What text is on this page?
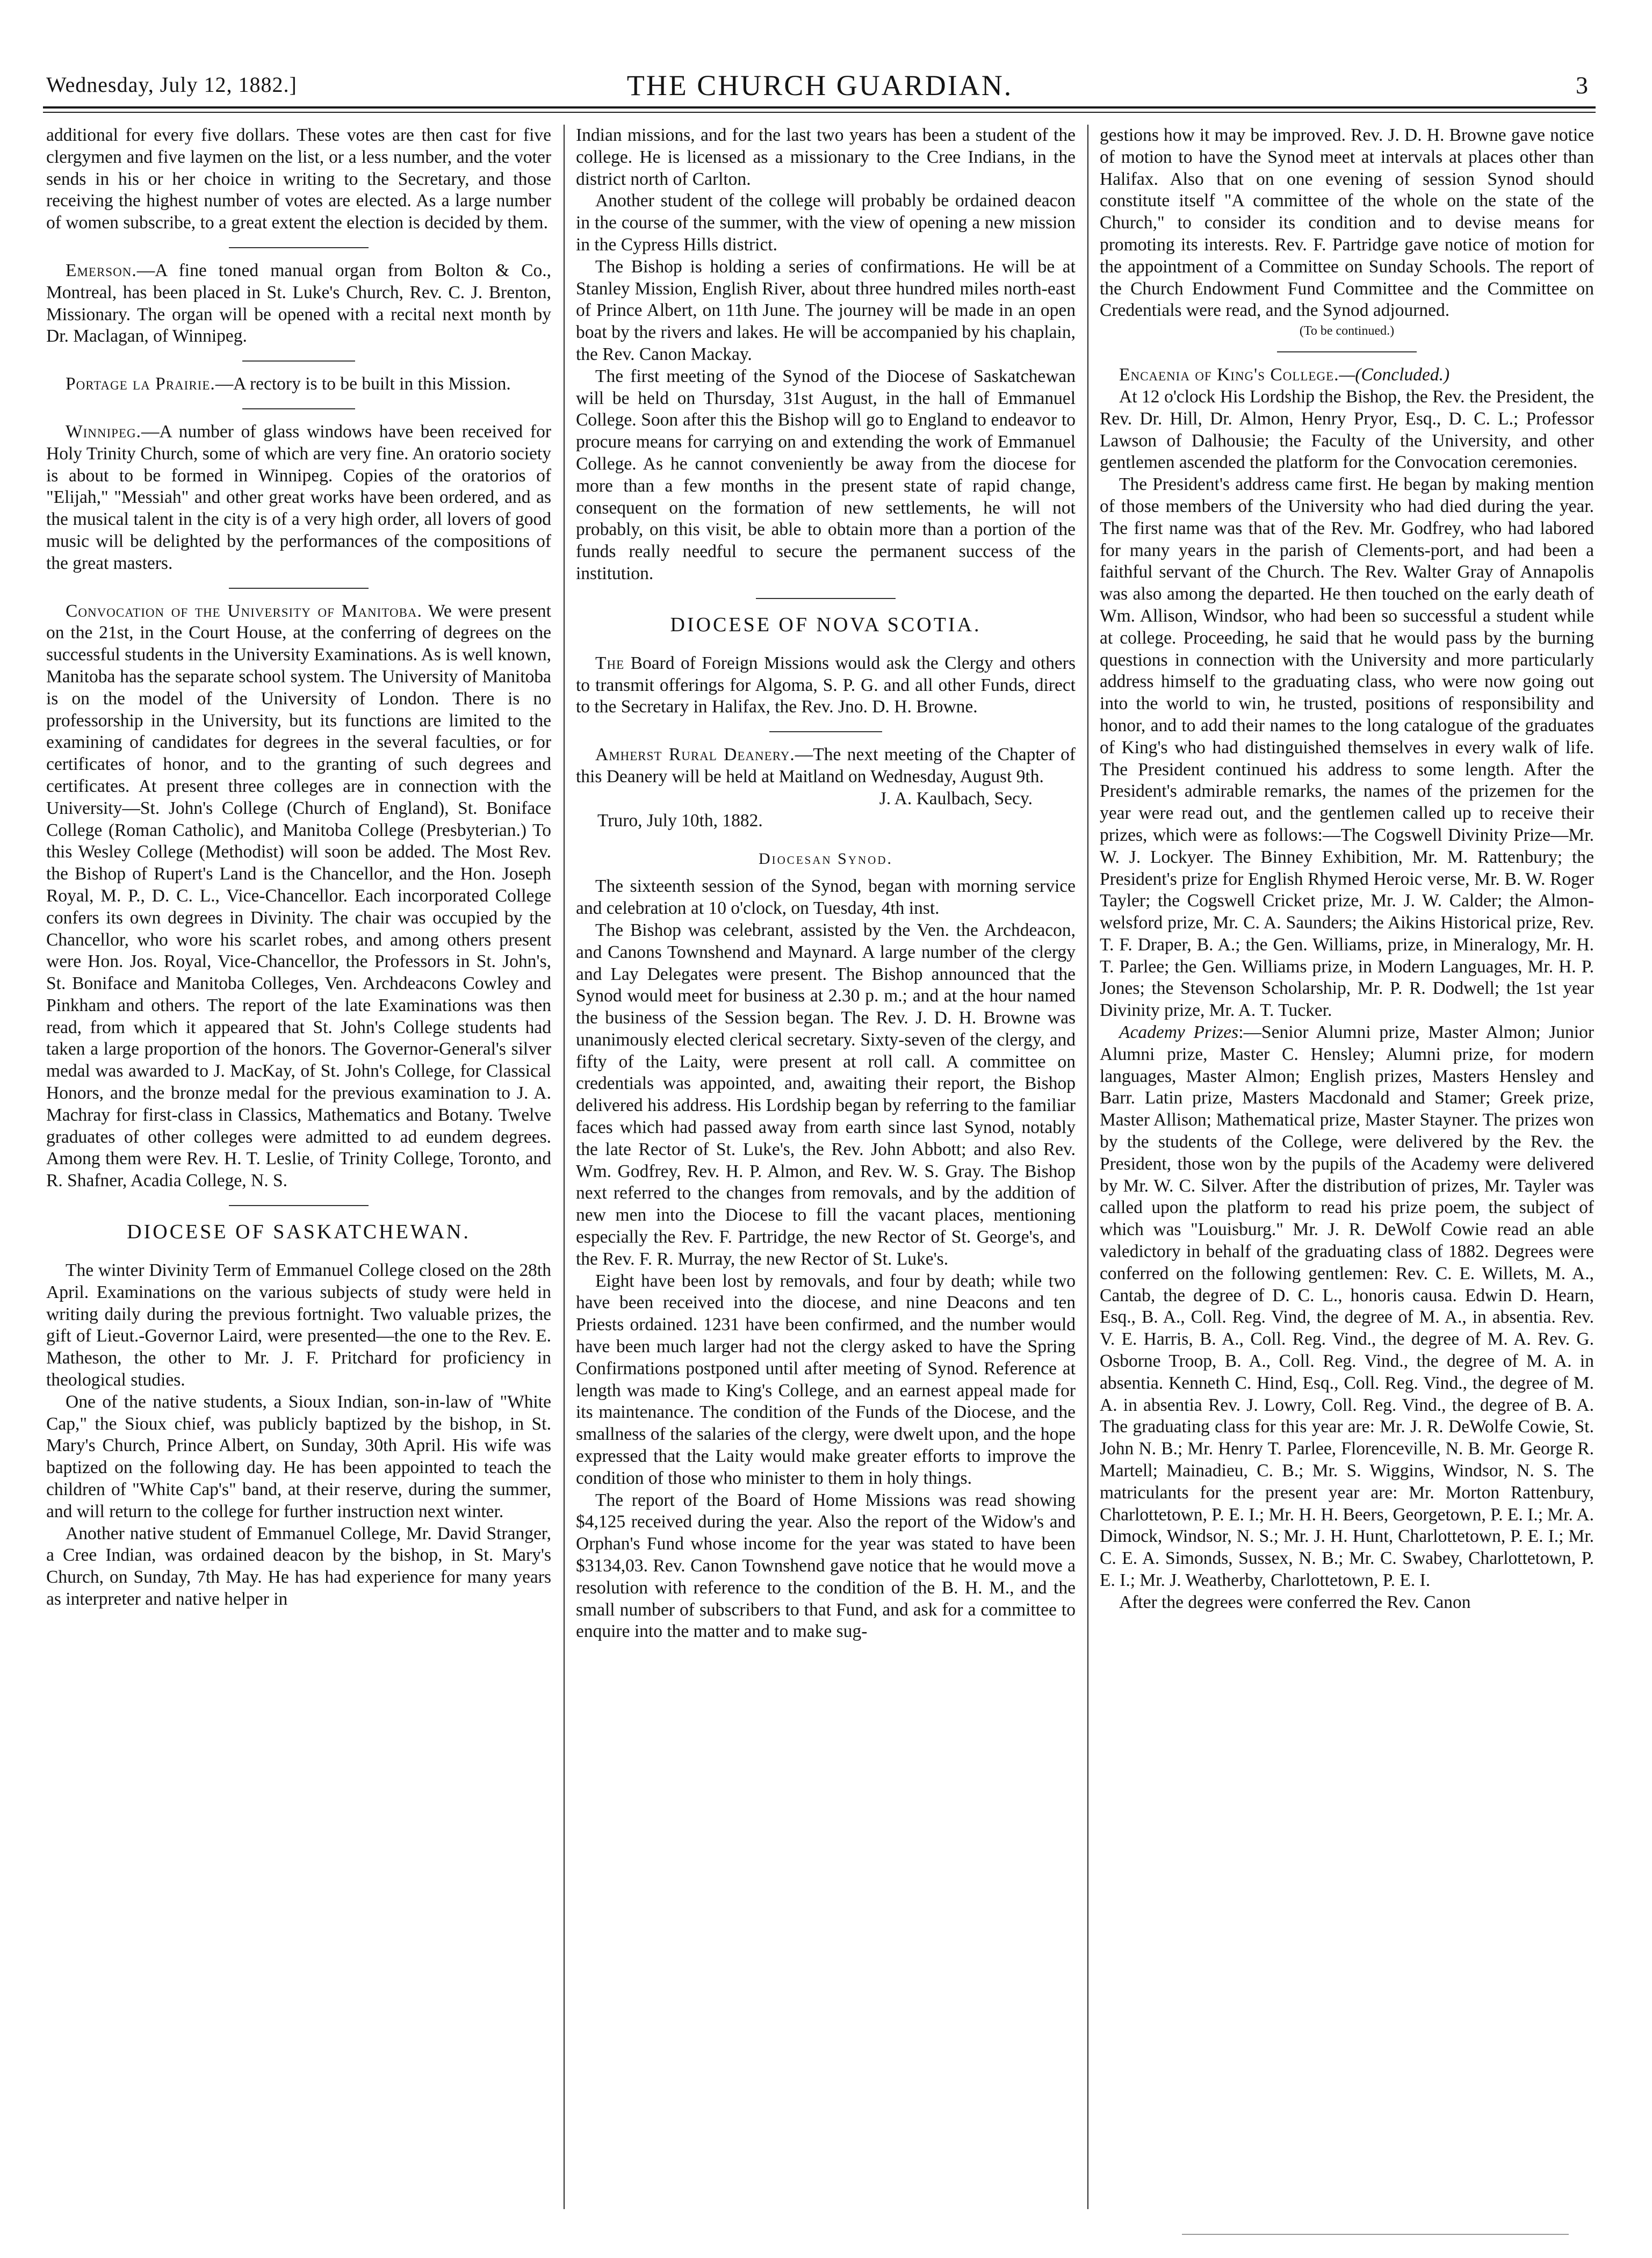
Wednesday, July 12, 1882.]	THE CHURCH GUARDIAN.	3

additional for every five dollars. These votes are then cast for five clergymen and five laymen on the list, or a less number, and the voter sends in his or her choice in writing to the Secretary, and those receiving the highest number of votes are elected. As a large number of women subscribe, to a great extent the election is decided by them.

Emerson.—A fine toned manual organ from Bolton & Co., Montreal, has been placed in St. Luke's Church, Rev. C. J. Brenton, Missionary. The organ will be opened with a recital next month by Dr. Maclagan, of Winnipeg.

Portage la Prairie.—A rectory is to be built in this Mission.

Winnipeg.—A number of glass windows have been received for Holy Trinity Church, some of which are very fine. An oratorio society is about to be formed in Winnipeg. Copies of the oratorios of "Elijah," "Messiah" and other great works have been ordered, and as the musical talent in the city is of a very high order, all lovers of good music will be delighted by the performances of the compositions of the great masters.

Convocation of the University of Manitoba. We were present on the 21st, in the Court House, at the conferring of degrees on the successful students in the University Examinations. As is well known, Manitoba has the separate school system. The University of Manitoba is on the model of the University of London. There is no professorship in the University, but its functions are limited to the examining of candidates for degrees in the several faculties, or for certificates of honor, and to the granting of such degrees and certificates. At present three colleges are in connection with the University—St. John's College (Church of England), St. Boniface College (Roman Catholic), and Manitoba College (Presbyterian.) To this Wesley College (Methodist) will soon be added. The Most Rev. the Bishop of Rupert's Land is the Chancellor, and the Hon. Joseph Royal, M. P., D. C. L., Vice-Chancellor. Each incorporated College confers its own degrees in Divinity. The chair was occupied by the Chancellor, who wore his scarlet robes, and among others present were Hon. Jos. Royal, Vice-Chancellor, the Professors in St. John's, St. Boniface and Manitoba Colleges, Ven. Archdeacons Cowley and Pinkham and others. The report of the late Examinations was then read, from which it appeared that St. John's College students had taken a large proportion of the honors. The Governor-General's silver medal was awarded to J. MacKay, of St. John's College, for Classical Honors, and the bronze medal for the previous examination to J. A. Machray for first-class in Classics, Mathematics and Botany. Twelve graduates of other colleges were admitted to ad eundem degrees. Among them were Rev. H. T. Leslie, of Trinity College, Toronto, and R. Shafner, Acadia College, N. S.

DIOCESE OF SASKATCHEWAN.

The winter Divinity Term of Emmanuel College closed on the 28th April. Examinations on the various subjects of study were held in writing daily during the previous fortnight. Two valuable prizes, the gift of Lieut.-Governor Laird, were presented—the one to the Rev. E. Matheson, the other to Mr. J. F. Pritchard for proficiency in theological studies.

One of the native students, a Sioux Indian, son-in-law of "White Cap," the Sioux chief, was publicly baptized by the bishop, in St. Mary's Church, Prince Albert, on Sunday, 30th April. His wife was baptized on the following day. He has been appointed to teach the children of "White Cap's" band, at their reserve, during the summer, and will return to the college for further instruction next winter.

Another native student of Emmanuel College, Mr. David Stranger, a Cree Indian, was ordained deacon by the bishop, in St. Mary's Church, on Sunday, 7th May. He has had experience for many years as interpreter and native helper in

Indian missions, and for the last two years has been a student of the college. He is licensed as a missionary to the Cree Indians, in the district north of Carlton.

Another student of the college will probably be ordained deacon in the course of the summer, with the view of opening a new mission in the Cypress Hills district.

The Bishop is holding a series of confirmations. He will be at Stanley Mission, English River, about three hundred miles north-east of Prince Albert, on 11th June. The journey will be made in an open boat by the rivers and lakes. He will be accompanied by his chaplain, the Rev. Canon Mackay.

The first meeting of the Synod of the Diocese of Saskatchewan will be held on Thursday, 31st August, in the hall of Emmanuel College. Soon after this the Bishop will go to England to endeavor to procure means for carrying on and extending the work of Emmanuel College. As he cannot conveniently be away from the diocese for more than a few months in the present state of rapid change, consequent on the formation of new settlements, he will not probably, on this visit, be able to obtain more than a portion of the funds really needful to secure the permanent success of the institution.

DIOCESE OF NOVA SCOTIA.

The Board of Foreign Missions would ask the Clergy and others to transmit offerings for Algoma, S. P. G. and all other Funds, direct to the Secretary in Halifax, the Rev. Jno. D. H. Browne.

Amherst Rural Deanery.—The next meeting of the Chapter of this Deanery will be held at Maitland on Wednesday, August 9th.

J. A. Kaulbach, Secy.

Truro, July 10th, 1882.

Diocesan Synod.

The sixteenth session of the Synod, began with morning service and celebration at 10 o'clock, on Tuesday, 4th inst.

The Bishop was celebrant, assisted by the Ven. the Archdeacon, and Canons Townshend and Maynard. A large number of the clergy and Lay Delegates were present. The Bishop announced that the Synod would meet for business at 2.30 p. m.; and at the hour named the business of the Session began. The Rev. J. D. H. Browne was unanimously elected clerical secretary. Sixty-seven of the clergy, and fifty of the Laity, were present at roll call. A committee on credentials was appointed, and, awaiting their report, the Bishop delivered his address. His Lordship began by referring to the familiar faces which had passed away from earth since last Synod, notably the late Rector of St. Luke's, the Rev. John Abbott; and also Rev. Wm. Godfrey, Rev. H. P. Almon, and Rev. W. S. Gray. The Bishop next referred to the changes from removals, and by the addition of new men into the Diocese to fill the vacant places, mentioning especially the Rev. F. Partridge, the new Rector of St. George's, and the Rev. F. R. Murray, the new Rector of St. Luke's.

Eight have been lost by removals, and four by death; while two have been received into the diocese, and nine Deacons and ten Priests ordained. 1231 have been confirmed, and the number would have been much larger had not the clergy asked to have the Spring Confirmations postponed until after meeting of Synod. Reference at length was made to King's College, and an earnest appeal made for its maintenance. The condition of the Funds of the Diocese, and the smallness of the salaries of the clergy, were dwelt upon, and the hope expressed that the Laity would make greater efforts to improve the condition of those who minister to them in holy things.

The report of the Board of Home Missions was read showing $4,125 received during the year. Also the report of the Widow's and Orphan's Fund whose income for the year was stated to have been $3134,03. Rev. Canon Townshend gave notice that he would move a resolution with reference to the condition of the B. H. M., and the small number of subscribers to that Fund, and ask for a committee to enquire into the matter and to make sug-

gestions how it may be improved. Rev. J. D. H. Browne gave notice of motion to have the Synod meet at intervals at places other than Halifax. Also that on one evening of session Synod should constitute itself "A committee of the whole on the state of the Church," to consider its condition and to devise means for promoting its interests. Rev. F. Partridge gave notice of motion for the appointment of a Committee on Sunday Schools. The report of the Church Endowment Fund Committee and the Committee on Credentials were read, and the Synod adjourned.

(To be continued.)

Encaenia of King's College.—(Concluded.)

At 12 o'clock His Lordship the Bishop, the Rev. the President, the Rev. Dr. Hill, Dr. Almon, Henry Pryor, Esq., D. C. L.; Professor Lawson of Dalhousie; the Faculty of the University, and other gentlemen ascended the platform for the Convocation ceremonies.

The President's address came first. He began by making mention of those members of the University who had died during the year. The first name was that of the Rev. Mr. Godfrey, who had labored for many years in the parish of Clements-port, and had been a faithful servant of the Church. The Rev. Walter Gray of Annapolis was also among the departed. He then touched on the early death of Wm. Allison, Windsor, who had been so successful a student while at college. Proceeding, he said that he would pass by the burning questions in connection with the University and more particularly address himself to the graduating class, who were now going out into the world to win, he trusted, positions of responsibility and honor, and to add their names to the long catalogue of the graduates of King's who had distinguished themselves in every walk of life. The President continued his address to some length. After the President's admirable remarks, the names of the prizemen for the year were read out, and the gentlemen called up to receive their prizes, which were as follows:—The Cogswell Divinity Prize—Mr. W. J. Lockyer. The Binney Exhibition, Mr. M. Rattenbury; the President's prize for English Rhymed Heroic verse, Mr. B. W. Roger Tayler; the Cogswell Cricket prize, Mr. J. W. Calder; the Almon-welsford prize, Mr. C. A. Saunders; the Aikins Historical prize, Rev. T. F. Draper, B. A.; the Gen. Williams, prize, in Mineralogy, Mr. H. T. Parlee; the Gen. Williams prize, in Modern Languages, Mr. H. P. Jones; the Stevenson Scholarship, Mr. P. R. Dodwell; the 1st year Divinity prize, Mr. A. T. Tucker.

Academy Prizes:—Senior Alumni prize, Master Almon; Junior Alumni prize, Master C. Hensley; Alumni prize, for modern languages, Master Almon; English prizes, Masters Hensley and Barr. Latin prize, Masters Macdonald and Stamer; Greek prize, Master Allison; Mathematical prize, Master Stayner. The prizes won by the students of the College, were delivered by the Rev. the President, those won by the pupils of the Academy were delivered by Mr. W. C. Silver. After the distribution of prizes, Mr. Tayler was called upon the platform to read his prize poem, the subject of which was "Louisburg." Mr. J. R. DeWolf Cowie read an able valedictory in behalf of the graduating class of 1882. Degrees were conferred on the following gentlemen: Rev. C. E. Willets, M. A., Cantab, the degree of D. C. L., honoris causa. Edwin D. Hearn, Esq., B. A., Coll. Reg. Vind, the degree of M. A., in absentia. Rev. V. E. Harris, B. A., Coll. Reg. Vind., the degree of M. A. Rev. G. Osborne Troop, B. A., Coll. Reg. Vind., the degree of M. A. in absentia. Kenneth C. Hind, Esq., Coll. Reg. Vind., the degree of M. A. in absentia Rev. J. Lowry, Coll. Reg. Vind., the degree of B. A. The graduating class for this year are: Mr. J. R. DeWolfe Cowie, St. John N. B.; Mr. Henry T. Parlee, Florenceville, N. B. Mr. George R. Martell; Mainadieu, C. B.; Mr. S. Wiggins, Windsor, N. S. The matriculants for the present year are: Mr. Morton Rattenbury, Charlottetown, P. E. I.; Mr. H. H. Beers, Georgetown, P. E. I.; Mr. A. Dimock, Windsor, N. S.; Mr. J. H. Hunt, Charlottetown, P. E. I.; Mr. C. E. A. Simonds, Sussex, N. B.; Mr. C. Swabey, Charlottetown, P. E. I.; Mr. J. Weatherby, Charlottetown, P. E. I.

After the degrees were conferred the Rev. Canon
